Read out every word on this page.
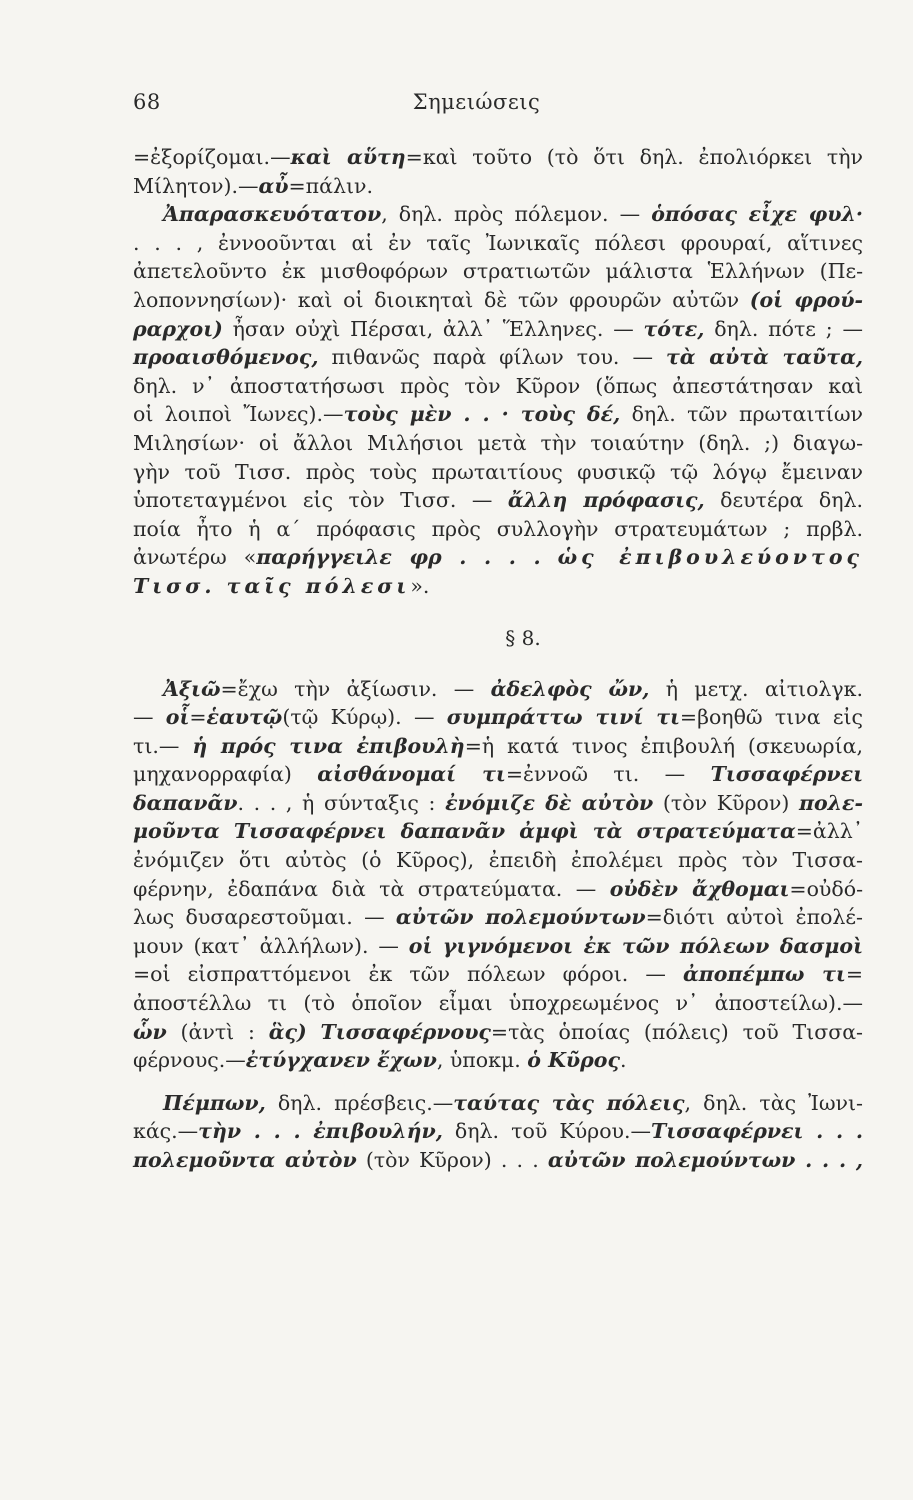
68	Σημειώσεις
=ἐξορίζομαι.—καὶ αὕτη=καὶ τοῦτο (τὸ ὅτι δηλ. ἐπολιόρκει τὴν
Μίλητον).—αὖ=πάλιν.
Ἀπαρασκευότατον, δηλ. πρὸς πόλεμον. — ὁπόσας εἶχε φυλ·
. . . , ἐννοοῦνται αἱ ἐν ταῖς Ἰωνικαῖς πόλεσι φρουραί, αἵτινες
ἀπετελοῦντο ἐκ μισθοφόρων στρατιωτῶν μάλιστα Ἑλλήνων (Πε-
λοποννησίων)· καὶ οἱ διοικηταὶ δὲ τῶν φρουρῶν αὐτῶν (οἱ φρού-
ραρχοι) ἦσαν οὐχὶ Πέρσαι, ἀλλ᾽ Ἕλληνες. — τότε, δηλ. πότε ; —
προαισθόμενος, πιθανῶς παρὰ φίλων του. — τὰ αὐτὰ ταῦτα,
δηλ. ν᾽ ἀποστατήσωσι πρὸς τὸν Κῦρον (ὅπως ἀπεστάτησαν καὶ
οἱ λοιποὶ Ἴωνες).—τοὺς μὲν . . · τοὺς δέ, δηλ. τῶν πρωταιτίων
Μιλησίων· οἱ ἄλλοι Μιλήσιοι μετὰ τὴν τοιαύτην (δηλ. ;) διαγω-
γὴν τοῦ Τισσ. πρὸς τοὺς πρωταιτίους φυσικῷ τῷ λόγῳ ἔμειναν
ὑποτεταγμένοι εἰς τὸν Τισσ. — ἄλλη πρόφασις, δευτέρα δηλ.
ποία ἦτο ἡ α´ πρόφασις πρὸς συλλογὴν στρατευμάτων ; πρβλ.
ἀνωτέρω «παρήγγειλε φρ . . . . ὡς ἐπιβουλεύοντος
Τισσ. ταῖς πόλεσι».
§ 8.
Ἀξιῶ=ἔχω τὴν ἀξίωσιν. — ἀδελφὸς ὤν, ἡ μετχ. αἰτιολγκ.
— οἷ=ἑαυτῷ(τῷ Κύρῳ). — συμπράττω τινί τι=βοηθῶ τινα εἰς
τι.— ἡ πρός τινα ἐπιβουλὴ=ἡ κατά τινος ἐπιβουλή (σκευωρία,
μηχανορραφία) αἰσθάνομαί τι=ἐννοῶ τι. — Τισσαφέρνει
δαπανᾶν. . . , ἡ σύνταξις : ἐνόμιζε δὲ αὐτὸν (τὸν Κῦρον) πολε-
μοῦντα Τισσαφέρνει δαπανᾶν ἀμφὶ τὰ στρατεύματα=ἀλλ᾽
ἐνόμιζεν ὅτι αὐτὸς (ὁ Κῦρος), ἐπειδὴ ἐπολέμει πρὸς τὸν Τισσα-
φέρνην, ἐδαπάνα διὰ τὰ στρατεύματα. — οὐδὲν ἄχθομαι=οὐδό-
λως δυσαρεστοῦμαι. — αὐτῶν πολεμούντων=διότι αὐτοὶ ἐπολέ-
μουν (κατ᾽ ἀλλήλων). — οἱ γιγνόμενοι ἐκ τῶν πόλεων δασμοὶ
=οἱ εἰσπραττόμενοι ἐκ τῶν πόλεων φόροι. — ἀποπέμπω τι=
ἀποστέλλω τι (τὸ ὁποῖον εἶμαι ὑποχρεωμένος ν᾽ ἀποστείλω).—
ὧν (ἀντὶ : ἃς) Τισσαφέρνους=τὰς ὁποίας (πόλεις) τοῦ Τισσα-
φέρνους.—ἐτύγχανεν ἔχων, ὑποκμ. ὁ Κῦρος.
Πέμπων, δηλ. πρέσβεις.—ταύτας τὰς πόλεις, δηλ. τὰς Ἰωνι-
κάς.—τὴν . . . ἐπιβουλήν, δηλ. τοῦ Κύρου.—Τισσαφέρνει . . .
πολεμοῦντα αὐτὸν (τὸν Κῦρον) . . . αὐτῶν πολεμούντων . . . ,
